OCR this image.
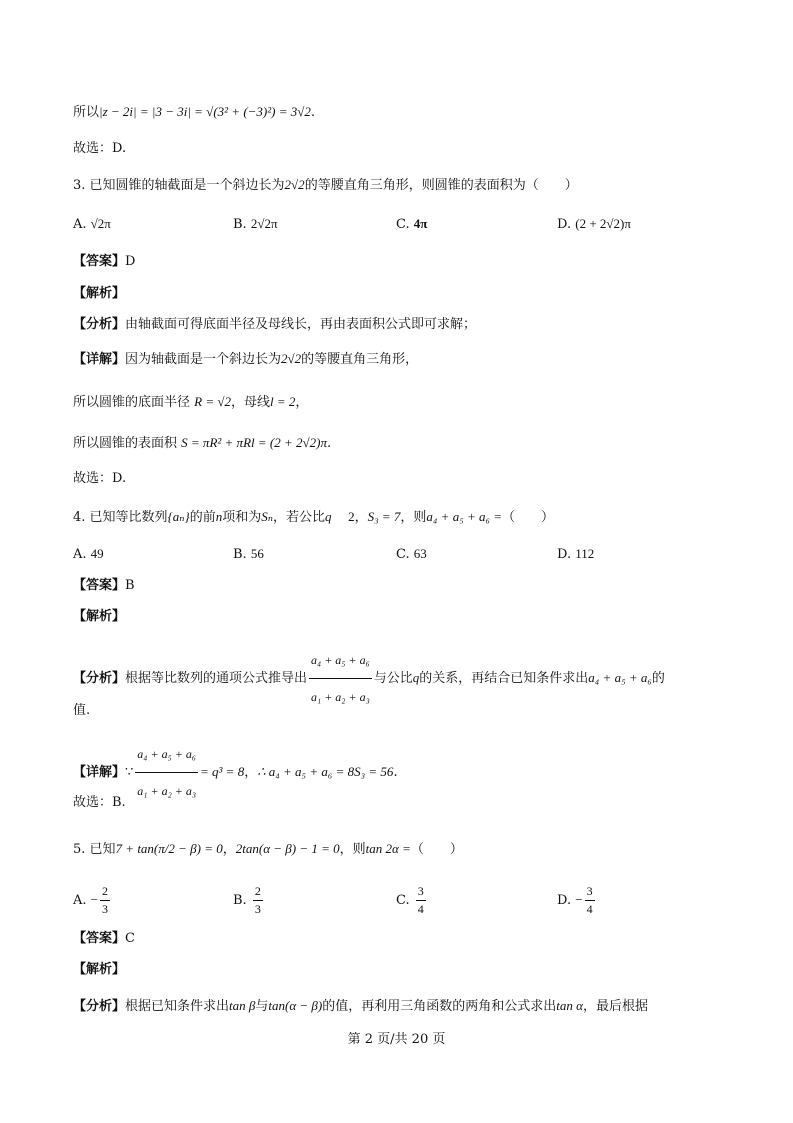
所以|z − 2i| = |3 − 3i| = √(3² + (−3)²) = 3√2.
故选：D.
3. 已知圆锥的轴截面是一个斜边长为2√2的等腰直角三角形，则圆锥的表面积为（　　）
A. √2π	B. 2√2π	C. 4π	D. (2 + 2√2)π
【答案】D
【解析】
【分析】由轴截面可得底面半径及母线长，再由表面积公式即可求解；
【详解】因为轴截面是一个斜边长为2√2的等腰直角三角形，
所以圆锥的底面半径 R = √2，母线l = 2，
所以圆锥的表面积 S = πR² + πRl = (2 + 2√2)π.
故选：D.
4. 已知等比数列{aₙ}的前n项和为Sₙ，若公比q 2，S₃ = 7，则a₄ + a₅ + a₆ =（　　）
A. 49	B. 56	C. 63	D. 112
【答案】B
【解析】
【分析】根据等比数列的通项公式推导出 $\frac{\text{a₄ + a₅ + a₆}}{\text{a₁ + a₂ + a₃}}$ 与公比q的关系，再结合已知条件求出a₄ + a₅ + a₆的
值.
【详解】∵ $\frac{\text{a₄ + a₅ + a₆}}{\text{a₁ + a₂ + a₃}} = q^3 = 8$，∴ a₄ + a₅ + a₆ = 8S₃ = 56.
故选：B.
5. 已知7 + tan(π/2 − β) = 0，2tan(α − β) − 1 = 0，则tan 2α =（　　）
A. − $\frac{2}{3}$	B. $\frac{2}{3}$	C. $\frac{3}{4}$	D. − $\frac{3}{4}$
【答案】C
【解析】
【分析】根据已知条件求出tan β与tan(α − β)的值，再利用三角函数的两角和公式求出tan α，最后根据
第 2 页/共 20 页
